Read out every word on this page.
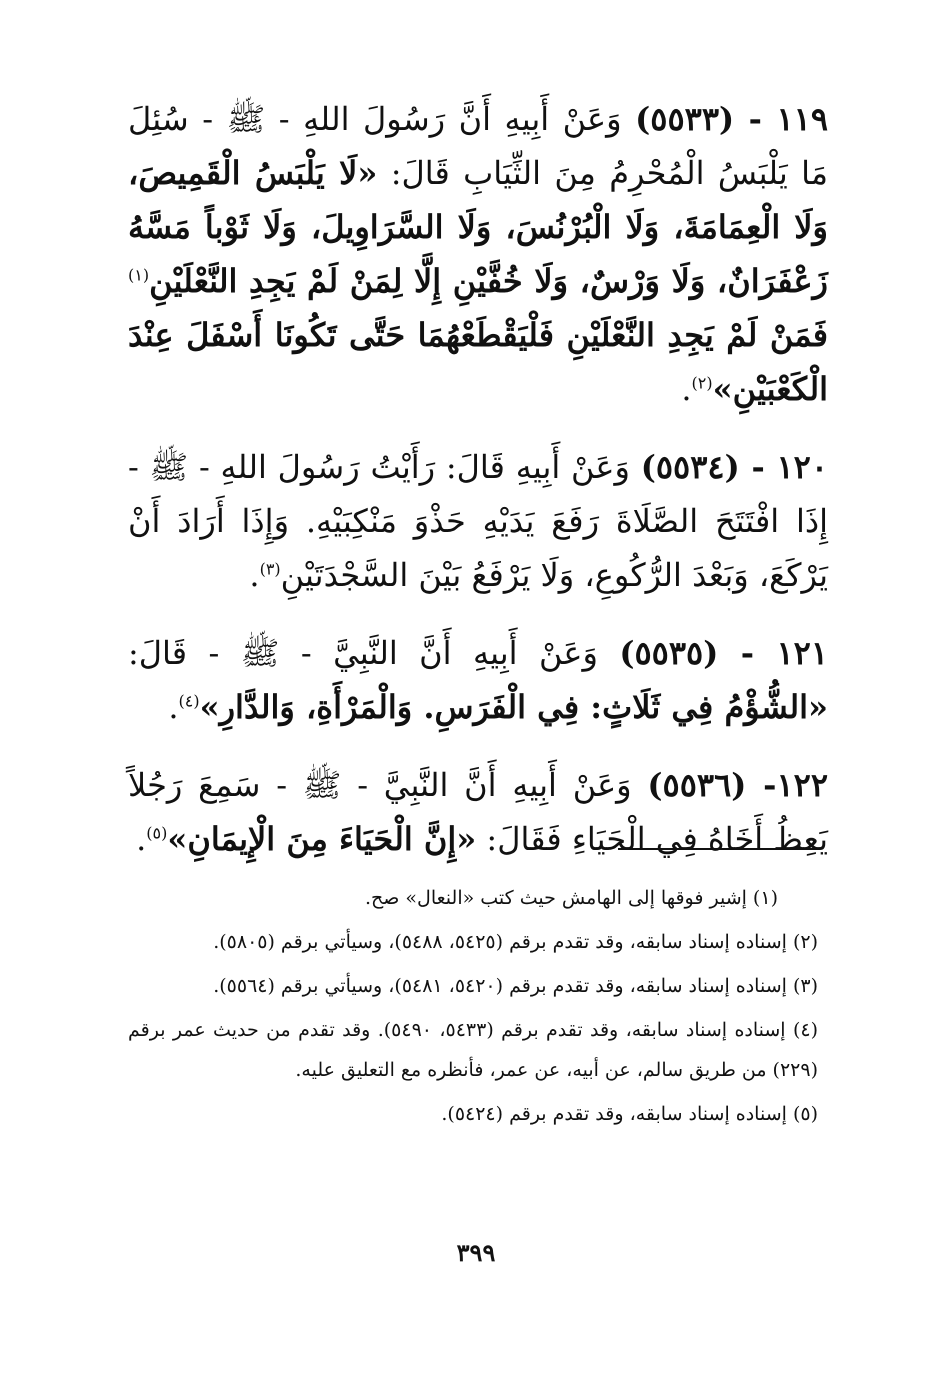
١١٩ - (٥٥٣٣) وَعَنْ أَبِيهِ أَنَّ رَسُولَ اللهِ - ﷺ - سُئِلَ مَا يَلْبَسُ الْمُحْرِمُ مِنَ الثِّيَابِ قَالَ: «لَا يَلْبَسُ الْقَمِيصَ، وَلَا الْعِمَامَةَ، وَلَا الْبُرْنُسَ، وَلَا السَّرَاوِيلَ، وَلَا ثَوْباً مَسَّهُ زَعْفَرَانٌ، وَلَا وَرْسٌ، وَلَا خُفَّيْنِ إِلَّا لِمَنْ لَمْ يَجِدِ النَّعْلَيْنِ$^{(١)}$ فَمَنْ لَمْ يَجِدِ النَّعْلَيْنِ فَلْيَقْطَعْهُمَا حَتَّى تَكُونَا أَسْفَلَ عِنْدَ الْكَعْبَيْنِ»$^{(٢)}$.

١٢٠ - (٥٥٣٤) وَعَنْ أَبِيهِ قَالَ: رَأَيْتُ رَسُولَ اللهِ - ﷺ - إِذَا افْتَتَحَ الصَّلَاةَ رَفَعَ يَدَيْهِ حَذْوَ مَنْكِبَيْهِ. وَإِذَا أَرَادَ أَنْ يَرْكَعَ، وَبَعْدَ الرُّكُوعِ، وَلَا يَرْفَعُ بَيْنَ السَّجْدَتَيْنِ$^{(٣)}$.

١٢١ - (٥٥٣٥) وَعَنْ أَبِيهِ أَنَّ النَّبِيَّ - ﷺ - قَالَ: «الشُّؤْمُ فِي ثَلَاثٍ: فِي الْفَرَسِ. وَالْمَرْأَةِ، وَالدَّارِ»$^{(٤)}$.

١٢٢- (٥٥٣٦) وَعَنْ أَبِيهِ أَنَّ النَّبِيَّ - ﷺ - سَمِعَ رَجُلاً يَعِظُ أَخَاهُ فِي الْحَيَاءِ فَقَالَ: «إِنَّ الْحَيَاءَ مِنَ الْإِيمَانِ»$^{(٥)}$.

(١) إشير فوقها إلى الهامش حيث كتب «النعال» صح.

(٢) إسناده إسناد سابقه، وقد تقدم برقم (٥٤٢٥، ٥٤٨٨)، وسيأتي برقم (٥٨٠٥).

(٣) إسناده إسناد سابقه، وقد تقدم برقم (٥٤٢٠، ٥٤٨١)، وسيأتي برقم (٥٥٦٤).

(٤) إسناده إسناد سابقه، وقد تقدم برقم (٥٤٣٣، ٥٤٩٠). وقد تقدم من حديث عمر برقم (٢٢٩) من طريق سالم، عن أبيه، عن عمر، فأنظره مع التعليق عليه.

(٥) إسناده إسناد سابقه، وقد تقدم برقم (٥٤٢٤).

٣٩٩
